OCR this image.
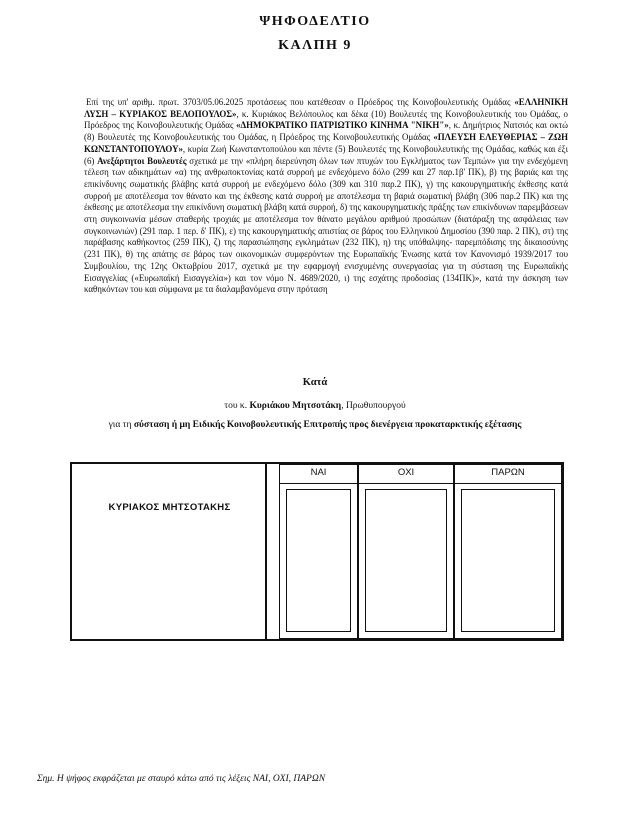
ΨΗΦΟΔΕΛΤΙΟ
ΚΑΛΠΗ 9
Επί της υπ' αριθμ. πρωτ. 3703/05.06.2025 προτάσεως που κατέθεσαν ο Πρόεδρος της Κοινοβουλευτικής Ομάδας «ΕΛΛΗΝΙΚΗ ΛΥΣΗ – ΚΥΡΙΑΚΟΣ ΒΕΛΟΠΟΥΛΟΣ», κ. Κυριάκος Βελόπουλος και δέκα (10) Βουλευτές της Κοινοβουλευτικής του Ομάδας, ο Πρόεδρος της Κοινοβουλευτικής Ομάδας «ΔΗΜΟΚΡΑΤΙΚΟ ΠΑΤΡΙΩΤΙΚΟ ΚΙΝΗΜΑ "ΝΙΚΗ"», κ. Δημήτριος Νατσιός και οκτώ (8) Βουλευτές της Κοινοβουλευτικής του Ομάδας, η Πρόεδρος της Κοινοβουλευτικής Ομάδας «ΠΛΕΥΣΗ ΕΛΕΥΘΕΡΙΑΣ – ΖΩΗ ΚΩΝΣΤΑΝΤΟΠΟΥΛΟΥ», κυρία Ζωή Κωνσταντοπούλου και πέντε (5) Βουλευτές της Κοινοβουλευτικής της Ομάδας, καθώς και έξι (6) Ανεξάρτητοι Βουλευτές σχετικά με την «πλήρη διερεύνηση όλων των πτυχών του Εγκλήματος των Τεμπών» για την ενδεχόμενη τέλεση των αδικημάτων «α) της ανθρωποκτονίας κατά συρροή με ενδεχόμενο δόλο (299 και 27 παρ.1β' ΠΚ), β) της βαριάς και της επικίνδυνης σωματικής βλάβης κατά συρροή με ενδεχόμενο δόλο (309 και 310 παρ.2 ΠΚ), γ) της κακουργηματικής έκθεσης κατά συρροή με αποτέλεσμα τον θάνατο και της έκθεσης κατά συρροή με αποτέλεσμα τη βαριά σωματική βλάβη (306 παρ.2 ΠΚ) και της έκθεσης με αποτέλεσμα την επικίνδυνη σωματική βλάβη κατά συρροή, δ) της κακουργηματικής πράξης των επικίνδυνων παρεμβάσεων στη συγκοινωνία μέσων σταθερής τροχιάς με αποτέλεσμα τον θάνατο μεγάλου αριθμού προσώπων (διατάραξη της ασφάλειας των συγκοινωνιών) (291 παρ. 1 περ. δ' ΠΚ), ε) της κακουργηματικής απιστίας σε βάρος του Ελληνικού Δημοσίου (390 παρ. 2 ΠΚ), στ) της παράβασης καθήκοντος (259 ΠΚ), ζ) της παρασιώπησης εγκλημάτων (232 ΠΚ), η) της υπόθαλψης- παρεμπόδισης της δικαιοσύνης (231 ΠΚ), θ) της απάτης σε βάρος των οικονομικών συμφερόντων της Ευρωπαϊκής Ένωσης κατά τον Κανονισμό 1939/2017 του Συμβουλίου, της 12ης Οκτωβρίου 2017, σχετικά με την εφαρμογή ενισχυμένης συνεργασίας για τη σύσταση της Ευρωπαϊκής Εισαγγελίας («Ευρωπαϊκή Εισαγγελία») και τον νόμο Ν. 4689/2020, ι) της εσχάτης προδοσίας (134ΠΚ)», κατά την άσκηση των καθηκόντων του και σύμφωνα με τα διαλαμβανόμενα στην πρόταση
Κατά
του κ. Κυριάκου Μητσοτάκη, Πρωθυπουργού
για τη σύσταση ή μη Ειδικής Κοινοβουλευτικής Επιτροπής προς διενέργεια προκαταρκτικής εξέτασης
ΚΥΡΙΑΚΟΣ ΜΗΤΣΟΤΑΚΗΣ
ΝΑΙ	ΟΧΙ	ΠΑΡΩΝ
Σημ. Η ψήφος εκφράζεται με σταυρό κάτω από τις λέξεις ΝΑΙ, ΟΧΙ, ΠΑΡΩΝ
